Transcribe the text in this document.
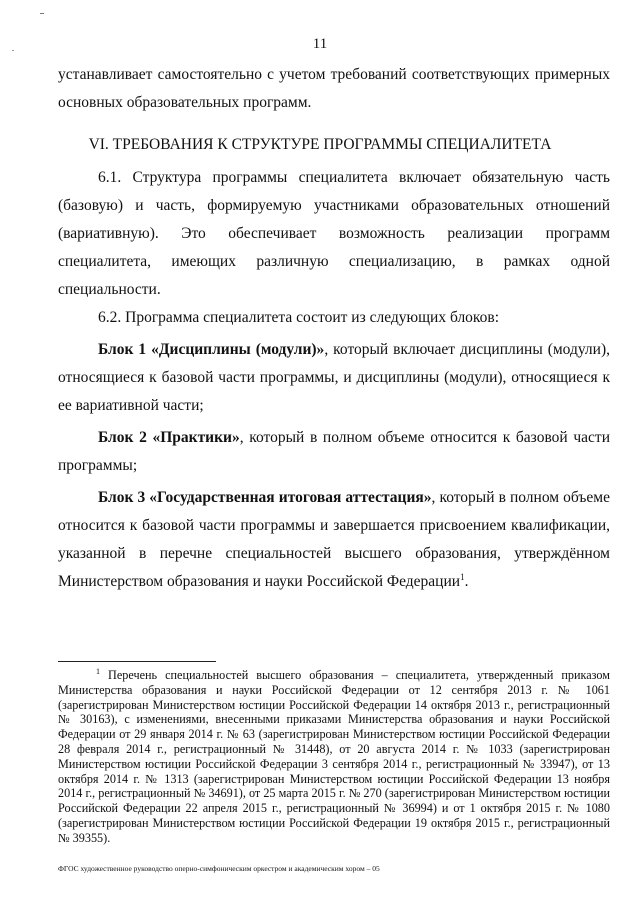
11

устанавливает самостоятельно с учетом требований соответствующих примерных основных образовательных программ.

VI. ТРЕБОВАНИЯ К СТРУКТУРЕ ПРОГРАММЫ СПЕЦИАЛИТЕТА

6.1. Структура программы специалитета включает обязательную часть (базовую) и часть, формируемую участниками образовательных отношений (вариативную). Это обеспечивает возможность реализации программ специалитета, имеющих различную специализацию, в рамках одной специальности.

6.2. Программа специалитета состоит из следующих блоков:

Блок 1 «Дисциплины (модули)», который включает дисциплины (модули), относящиеся к базовой части программы, и дисциплины (модули), относящиеся к ее вариативной части;

Блок 2 «Практики», который в полном объеме относится к базовой части программы;

Блок 3 «Государственная итоговая аттестация», который в полном объеме относится к базовой части программы и завершается присвоением квалификации, указанной в перечне специальностей высшего образования, утверждённом Министерством образования и науки Российской Федерации$^1$.

$^1$ Перечень специальностей высшего образования – специалитета, утвержденный приказом Министерства образования и науки Российской Федерации от 12 сентября 2013 г. № 1061 (зарегистрирован Министерством юстиции Российской Федерации 14 октября 2013 г., регистрационный № 30163), с изменениями, внесенными приказами Министерства образования и науки Российской Федерации от 29 января 2014 г. № 63 (зарегистрирован Министерством юстиции Российской Федерации 28 февраля 2014 г., регистрационный № 31448), от 20 августа 2014 г. № 1033 (зарегистрирован Министерством юстиции Российской Федерации 3 сентября 2014 г., регистрационный № 33947), от 13 октября 2014 г. № 1313 (зарегистрирован Министерством юстиции Российской Федерации 13 ноября 2014 г., регистрационный № 34691), от 25 марта 2015 г. № 270 (зарегистрирован Министерством юстиции Российской Федерации 22 апреля 2015 г., регистрационный № 36994) и от 1 октября 2015 г. № 1080 (зарегистрирован Министерством юстиции Российской Федерации 19 октября 2015 г., регистрационный № 39355).

ФГОС художественное руководство оперно-симфоническим оркестром и академическим хором – 05
